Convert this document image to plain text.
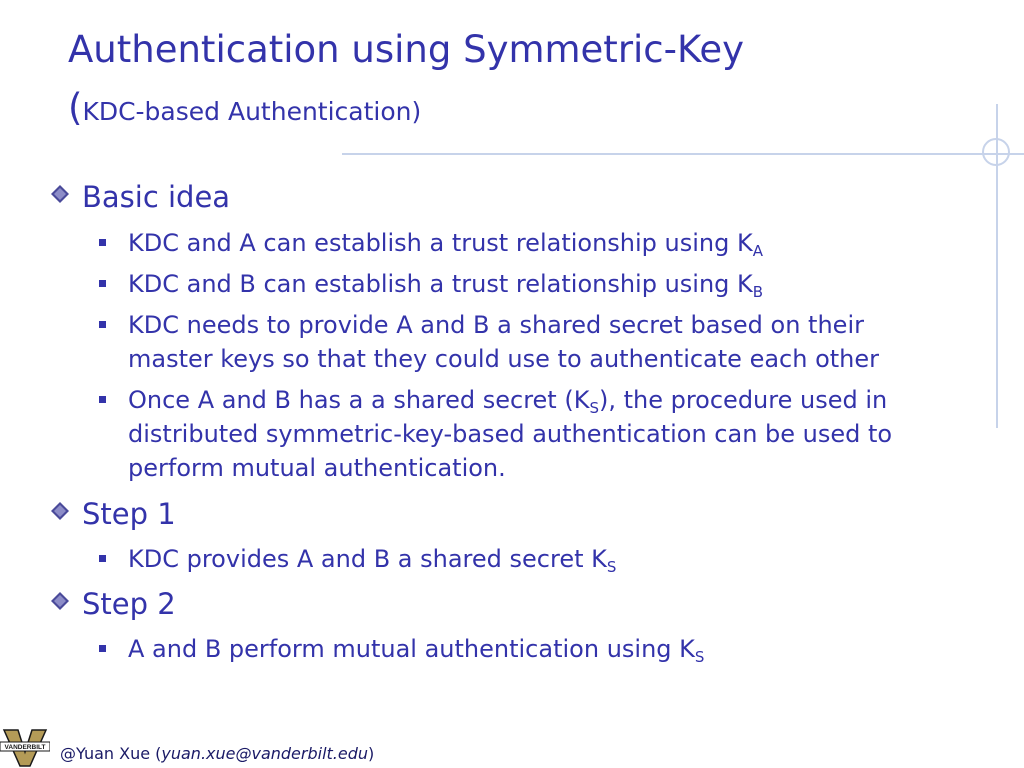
Authentication using Symmetric-Key
(KDC-based Authentication)
Basic idea
KDC and A can establish a trust relationship using $K_A$
KDC and B can establish a trust relationship using $K_B$
KDC needs to provide A and B a shared secret based on their
master keys so that they could use to authenticate each other
Once A and B has a a shared secret $(K_S)$, the procedure used in
distributed symmetric-key-based authentication can be used to
perform mutual authentication.
Step 1
KDC provides A and B a shared secret $K_S$
Step 2
A and B perform mutual authentication using $K_S$
VANDERBILT @Yuan Xue (yuan.xue@vanderbilt.edu)
